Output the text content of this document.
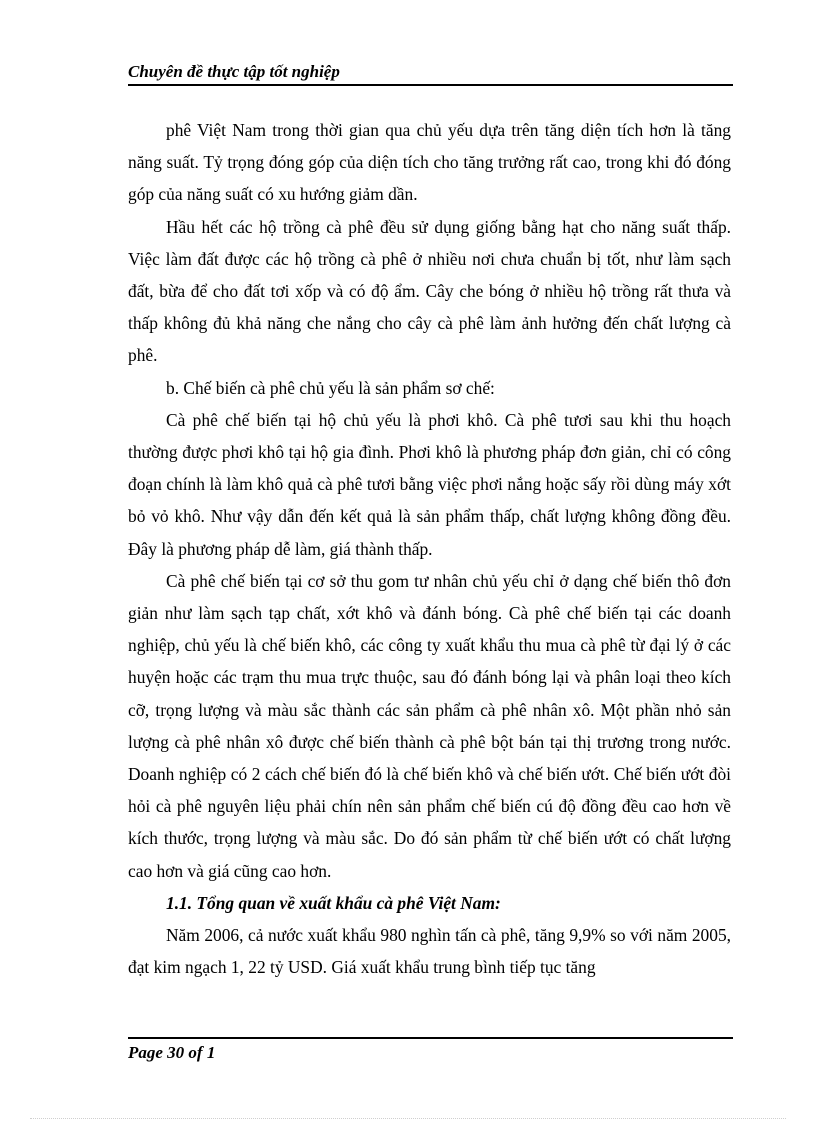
Chuyên đề thực tập tốt nghiệp

phê Việt Nam trong thời gian qua chủ yếu dựa trên tăng diện tích hơn là tăng năng suất. Tỷ trọng đóng góp của diện tích cho tăng trưởng rất cao, trong khi đó đóng góp của năng suất có xu hướng giảm dần.

Hầu hết các hộ trồng cà phê đều sử dụng giống bằng hạt cho năng suất thấp. Việc làm đất được các hộ trồng cà phê ở nhiều nơi chưa chuẩn bị tốt, như làm sạch đất, bừa để cho đất tơi xốp và có độ ẩm. Cây che bóng ở nhiều hộ trồng rất thưa và thấp không đủ khả năng che nắng cho cây cà phê làm ảnh hưởng đến chất lượng cà phê.

b. Chế biến cà phê chủ yếu là sản phẩm sơ chế:

Cà phê chế biến tại hộ chủ yếu là phơi khô. Cà phê tươi sau khi thu hoạch thường được phơi khô tại hộ gia đình. Phơi khô là phương pháp đơn giản, chỉ có công đoạn chính là làm khô quả cà phê tươi bằng việc phơi nắng hoặc sấy rồi dùng máy xớt bỏ vỏ khô. Như vậy dẫn đến kết quả là sản phẩm thấp, chất lượng không đồng đều. Đây là phương pháp dễ làm, giá thành thấp.

Cà phê chế biến tại cơ sở thu gom tư nhân chủ yếu chỉ ở dạng chế biến thô đơn giản như làm sạch tạp chất, xớt khô và đánh bóng. Cà phê chế biến tại các doanh nghiệp, chủ yếu là chế biến khô, các công ty xuất khẩu thu mua cà phê từ đại lý ở các huyện hoặc các trạm thu mua trực thuộc, sau đó đánh bóng lại và phân loại theo kích cỡ, trọng lượng và màu sắc thành các sản phẩm cà phê nhân xô. Một phần nhỏ sản lượng cà phê nhân xô được chế biến thành cà phê bột bán tại thị trương trong nước. Doanh nghiệp có 2 cách chế biến đó là chế biến khô và chế biến ướt. Chế biến ướt đòi hỏi cà phê nguyên liệu phải chín nên sản phẩm chế biến cú độ đồng đều cao hơn về kích thước, trọng lượng và màu sắc. Do đó sản phẩm từ chế biến ướt có chất lượng cao hơn và giá cũng cao hơn.

1.1. Tổng quan về xuất khẩu cà phê Việt Nam:

Năm 2006, cả nước xuất khẩu 980 nghìn tấn cà phê, tăng 9,9% so với năm 2005, đạt kim ngạch 1, 22 tỷ USD. Giá xuất khẩu trung bình tiếp tục tăng

Page 30 of 1
